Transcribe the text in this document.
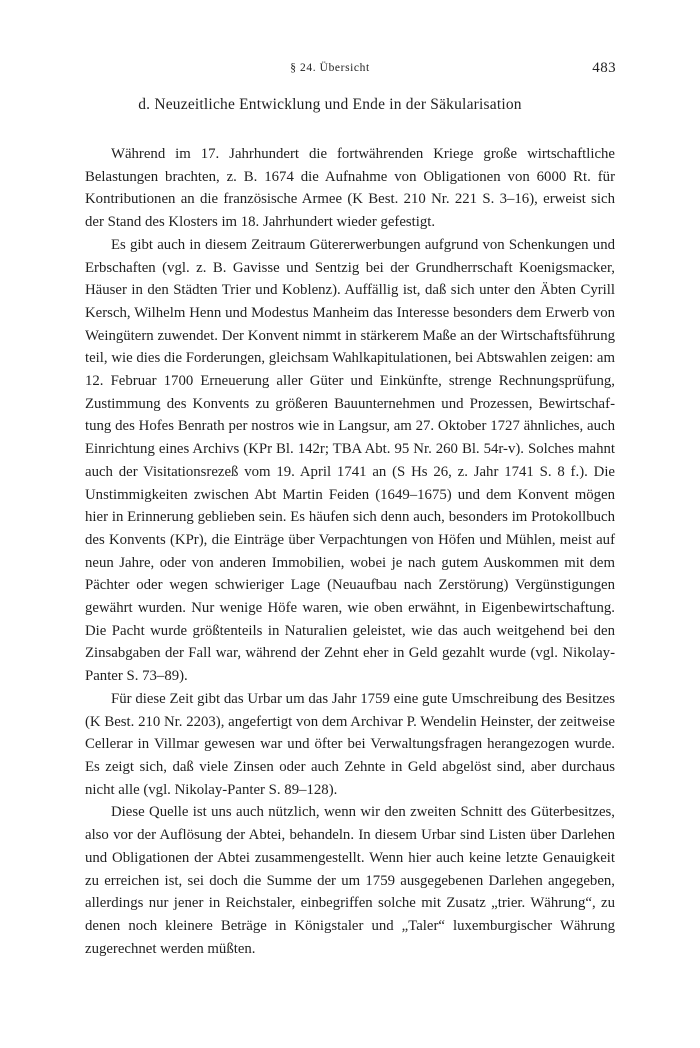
§ 24. Übersicht	483
d. Neuzeitliche Entwicklung und Ende in der Säkularisation

Während im 17. Jahrhundert die fortwährenden Kriege große wirtschaftliche Belastungen brachten, z. B. 1674 die Aufnahme von Obligationen von 6000 Rt. für Kontributionen an die französische Armee (K Best. 210 Nr. 221 S. 3–16), erweist sich der Stand des Klosters im 18. Jahrhundert wieder gefestigt.

Es gibt auch in diesem Zeitraum Gütererwerbungen aufgrund von Schenkungen und Erbschaften (vgl. z. B. Gavisse und Sentzig bei der Grundherrschaft Koenigsmacker, Häuser in den Städten Trier und Koblenz). Auffällig ist, daß sich unter den Äbten Cyrill Kersch, Wilhelm Henn und Modestus Manheim das Interesse besonders dem Erwerb von Weingütern zuwendet. Der Konvent nimmt in stärkerem Maße an der Wirtschaftsführung teil, wie dies die Forderungen, gleichsam Wahlkapitulationen, bei Abtswahlen zeigen: am 12. Februar 1700 Erneuerung aller Güter und Einkünfte, strenge Rechnungsprüfung, Zustimmung des Konvents zu größeren Bauunternehmen und Prozessen, Bewirtschaftung des Hofes Benrath per nostros wie in Langsur, am 27. Oktober 1727 ähnliches, auch Einrichtung eines Archivs (KPr Bl. 142r; TBA Abt. 95 Nr. 260 Bl. 54r-v). Solches mahnt auch der Visitationsrezeß vom 19. April 1741 an (S Hs 26, z. Jahr 1741 S. 8 f.). Die Unstimmigkeiten zwischen Abt Martin Feiden (1649–1675) und dem Konvent mögen hier in Erinnerung geblieben sein. Es häufen sich denn auch, besonders im Protokollbuch des Konvents (KPr), die Einträge über Verpachtungen von Höfen und Mühlen, meist auf neun Jahre, oder von anderen Immobilien, wobei je nach gutem Auskommen mit dem Pächter oder wegen schwieriger Lage (Neuaufbau nach Zerstörung) Vergünstigungen gewährt wurden. Nur wenige Höfe waren, wie oben erwähnt, in Eigenbewirtschaftung. Die Pacht wurde größtenteils in Naturalien geleistet, wie das auch weitgehend bei den Zinsabgaben der Fall war, während der Zehnt eher in Geld gezahlt wurde (vgl. Nikolay-Panter S. 73–89).

Für diese Zeit gibt das Urbar um das Jahr 1759 eine gute Umschreibung des Besitzes (K Best. 210 Nr. 2203), angefertigt von dem Archivar P. Wendelin Heinster, der zeitweise Cellerar in Villmar gewesen war und öfter bei Verwaltungsfragen herangezogen wurde. Es zeigt sich, daß viele Zinsen oder auch Zehnte in Geld abgelöst sind, aber durchaus nicht alle (vgl. Nikolay-Panter S. 89–128).

Diese Quelle ist uns auch nützlich, wenn wir den zweiten Schnitt des Güterbesitzes, also vor der Auflösung der Abtei, behandeln. In diesem Urbar sind Listen über Darlehen und Obligationen der Abtei zusammengestellt. Wenn hier auch keine letzte Genauigkeit zu erreichen ist, sei doch die Summe der um 1759 ausgegebenen Darlehen angegeben, allerdings nur jener in Reichstaler, einbegriffen solche mit Zusatz „trier. Währung“, zu denen noch kleinere Beträge in Königstaler und „Taler“ luxemburgischer Währung zugerechnet werden müßten.
